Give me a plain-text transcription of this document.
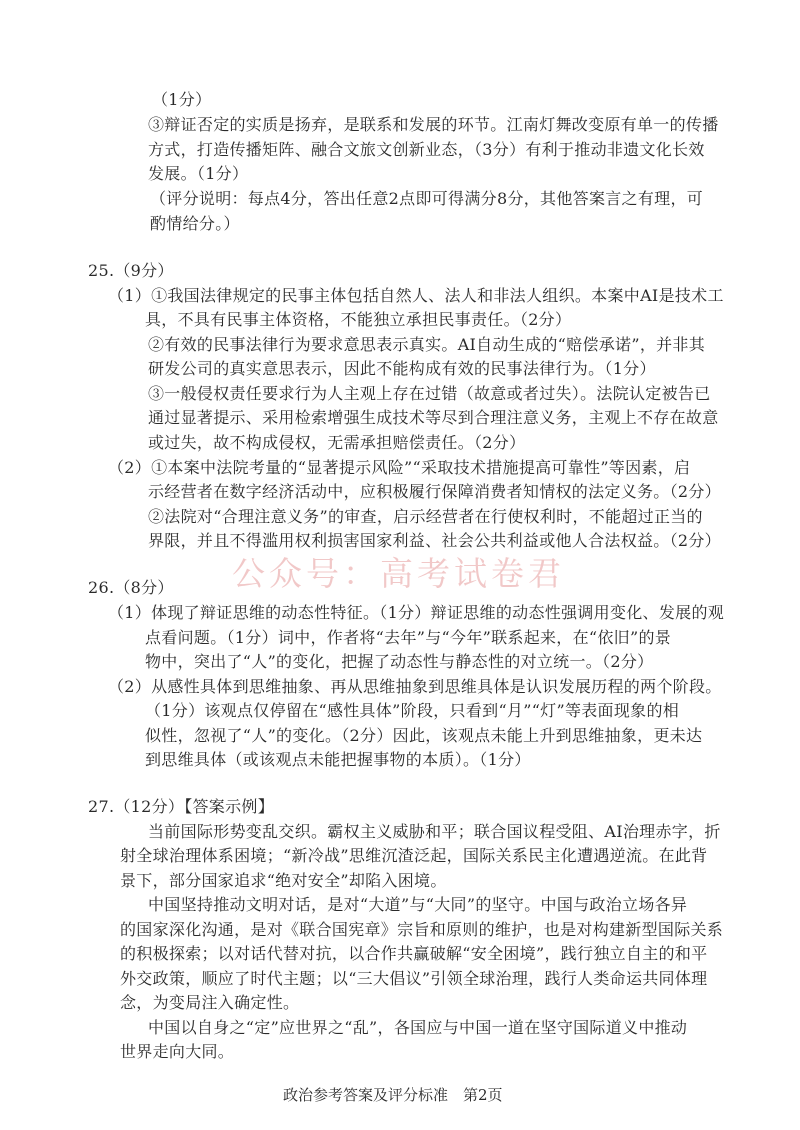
（1分）
③辩证否定的实质是扬弃，是联系和发展的环节。江南灯舞改变原有单一的传播
方式，打造传播矩阵、融合文旅文创新业态，（3分）有利于推动非遗文化长效
发展。（1分）
（评分说明：每点4分，答出任意2点即可得满分8分，其他答案言之有理，可
酌情给分。）
25.（9分）
（1）①我国法律规定的民事主体包括自然人、法人和非法人组织。本案中AI是技术工
具，不具有民事主体资格，不能独立承担民事责任。（2分）
②有效的民事法律行为要求意思表示真实。AI自动生成的“赔偿承诺”，并非其
研发公司的真实意思表示，因此不能构成有效的民事法律行为。（1分）
③一般侵权责任要求行为人主观上存在过错（故意或者过失）。法院认定被告已
通过显著提示、采用检索增强生成技术等尽到合理注意义务，主观上不存在故意
或过失，故不构成侵权，无需承担赔偿责任。（2分）
（2）①本案中法院考量的“显著提示风险”“采取技术措施提高可靠性”等因素，启
示经营者在数字经济活动中，应积极履行保障消费者知情权的法定义务。（2分）
②法院对“合理注意义务”的审查，启示经营者在行使权利时，不能超过正当的
界限，并且不得滥用权利损害国家利益、社会公共利益或他人合法权益。（2分）
公众号：高考试卷君
26.（8分）
（1）体现了辩证思维的动态性特征。（1分）辩证思维的动态性强调用变化、发展的观
点看问题。（1分）词中，作者将“去年”与“今年”联系起来，在“依旧”的景
物中，突出了“人”的变化，把握了动态性与静态性的对立统一。（2分）
（2）从感性具体到思维抽象、再从思维抽象到思维具体是认识发展历程的两个阶段。
（1分）该观点仅停留在“感性具体”阶段，只看到“月”“灯”等表面现象的相
似性，忽视了“人”的变化。（2分）因此，该观点未能上升到思维抽象，更未达
到思维具体（或该观点未能把握事物的本质）。（1分）
27.（12分）【答案示例】
当前国际形势变乱交织。霸权主义威胁和平；联合国议程受阻、AI治理赤字，折
射全球治理体系困境；“新冷战”思维沉渣泛起，国际关系民主化遭遇逆流。在此背
景下，部分国家追求“绝对安全”却陷入困境。
中国坚持推动文明对话，是对“大道”与“大同”的坚守。中国与政治立场各异
的国家深化沟通，是对《联合国宪章》宗旨和原则的维护，也是对构建新型国际关系
的积极探索；以对话代替对抗，以合作共赢破解“安全困境”，践行独立自主的和平
外交政策，顺应了时代主题；以“三大倡议”引领全球治理，践行人类命运共同体理
念，为变局注入确定性。
中国以自身之“定”应世界之“乱”，各国应与中国一道在坚守国际道义中推动
世界走向大同。
政治参考答案及评分标准　第2页
